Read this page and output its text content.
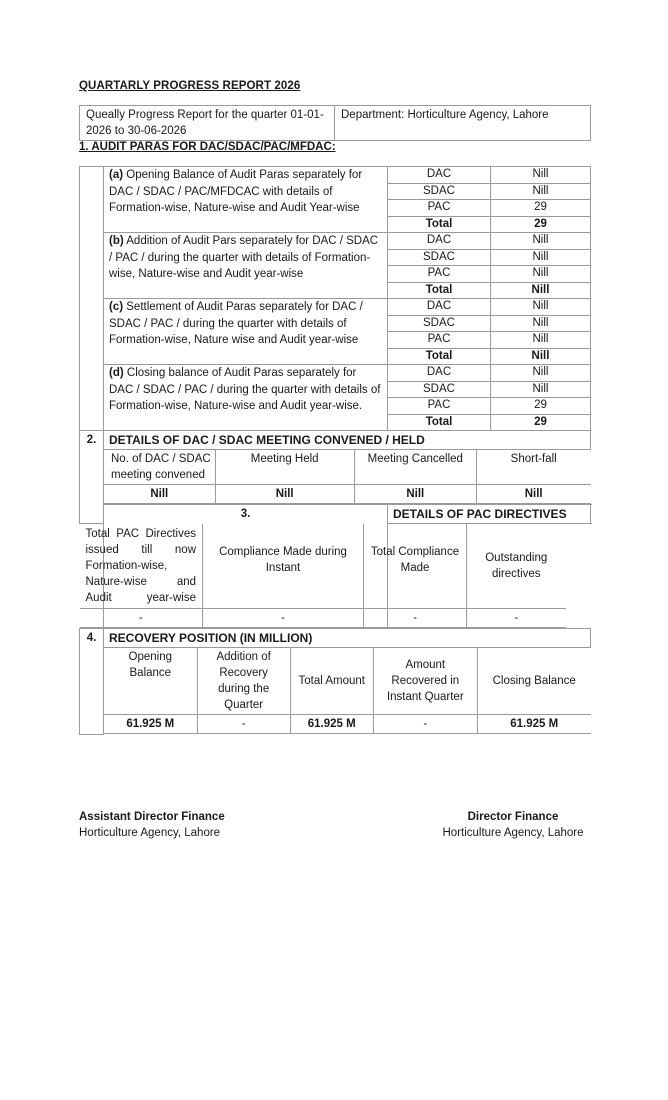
QUARTARLY PROGRESS REPORT 2026
Queally Progress Report for the quarter 01-01-2026 to 30-06-2026	Department: Horticulture Agency, Lahore
1. AUDIT PARAS FOR DAC/SDAC/PAC/MFDAC:
	(a) Opening Balance of Audit Paras separately for DAC / SDAC / PAC/MFDCAC with details of Formation-wise, Nature-wise and Audit Year-wise	DAC	Nill
SDAC	Nill
PAC	29
Total	29
(b) Addition of Audit Pars separately for DAC / SDAC / PAC / during the quarter with details of Formation-wise, Nature-wise and Audit year-wise	DAC	Nill
SDAC	Nill
PAC	Nill
Total	Nill
(c) Settlement of Audit Paras separately for DAC / SDAC / PAC / during the quarter with details of Formation-wise, Nature wise and Audit year-wise	DAC	Nill
SDAC	Nill
PAC	Nill
Total	Nill
(d) Closing balance of Audit Paras separately for DAC / SDAC / PAC / during the quarter with details of Formation-wise, Nature-wise and Audit year-wise.	DAC	Nill
SDAC	Nill
PAC	29
Total	29
2.	DETAILS OF DAC / SDAC MEETING CONVENED / HELD

No. of DAC / SDAC meeting convened	Meeting Held	Meeting Cancelled	Short-fall
Nill	Nill	Nill	Nill

3.	DETAILS OF PAC DIRECTIVES

Total PAC Directives issued till now Formation-wise, Nature-wise and Audit year-wise	Compliance Made during Instant	Total Compliance Made	Outstanding directives
-	-	-	-

4.	RECOVERY POSITION (IN MILLION)

Opening Balance	Addition of Recovery during the Quarter	Total Amount	Amount Recovered in Instant Quarter	Closing Balance
61.925 M	-	61.925 M	-	61.925 M
Assistant Director Finance
Horticulture Agency, Lahore
Director Finance
Horticulture Agency, Lahore
